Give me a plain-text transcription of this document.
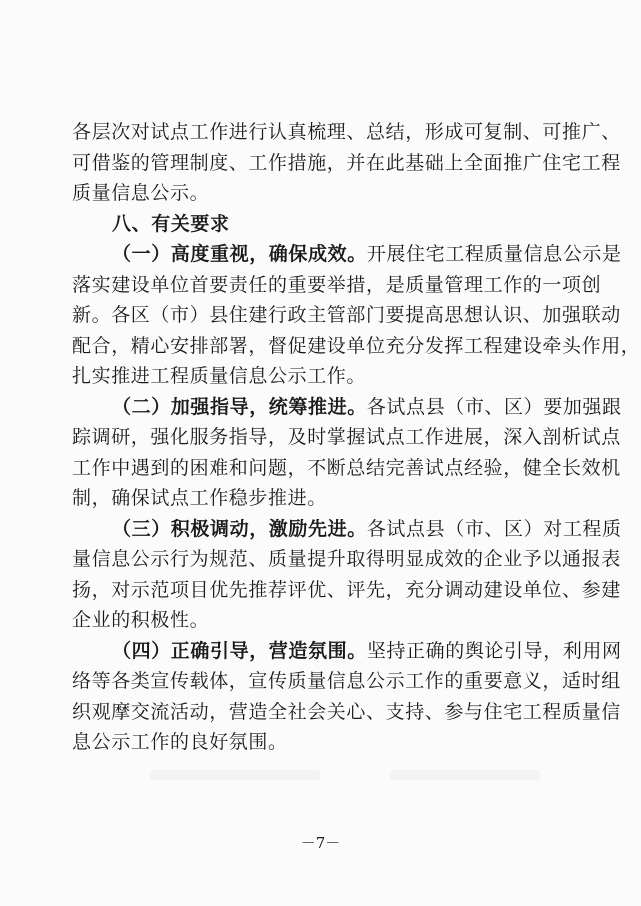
各层次对试点工作进行认真梳理、总结，形成可复制、可推广、
可借鉴的管理制度、工作措施，并在此基础上全面推广住宅工程
质量信息公示。
八、有关要求
（一）高度重视，确保成效。开展住宅工程质量信息公示是
落实建设单位首要责任的重要举措，是质量管理工作的一项创
新。各区（市）县住建行政主管部门要提高思想认识、加强联动
配合，精心安排部署，督促建设单位充分发挥工程建设牵头作用，
扎实推进工程质量信息公示工作。
（二）加强指导，统筹推进。各试点县（市、区）要加强跟
踪调研，强化服务指导，及时掌握试点工作进展，深入剖析试点
工作中遇到的困难和问题，不断总结完善试点经验，健全长效机
制，确保试点工作稳步推进。
（三）积极调动，激励先进。各试点县（市、区）对工程质
量信息公示行为规范、质量提升取得明显成效的企业予以通报表
扬，对示范项目优先推荐评优、评先，充分调动建设单位、参建
企业的积极性。
（四）正确引导，营造氛围。坚持正确的舆论引导，利用网
络等各类宣传载体，宣传质量信息公示工作的重要意义，适时组
织观摩交流活动，营造全社会关心、支持、参与住宅工程质量信
息公示工作的良好氛围。
－7－
